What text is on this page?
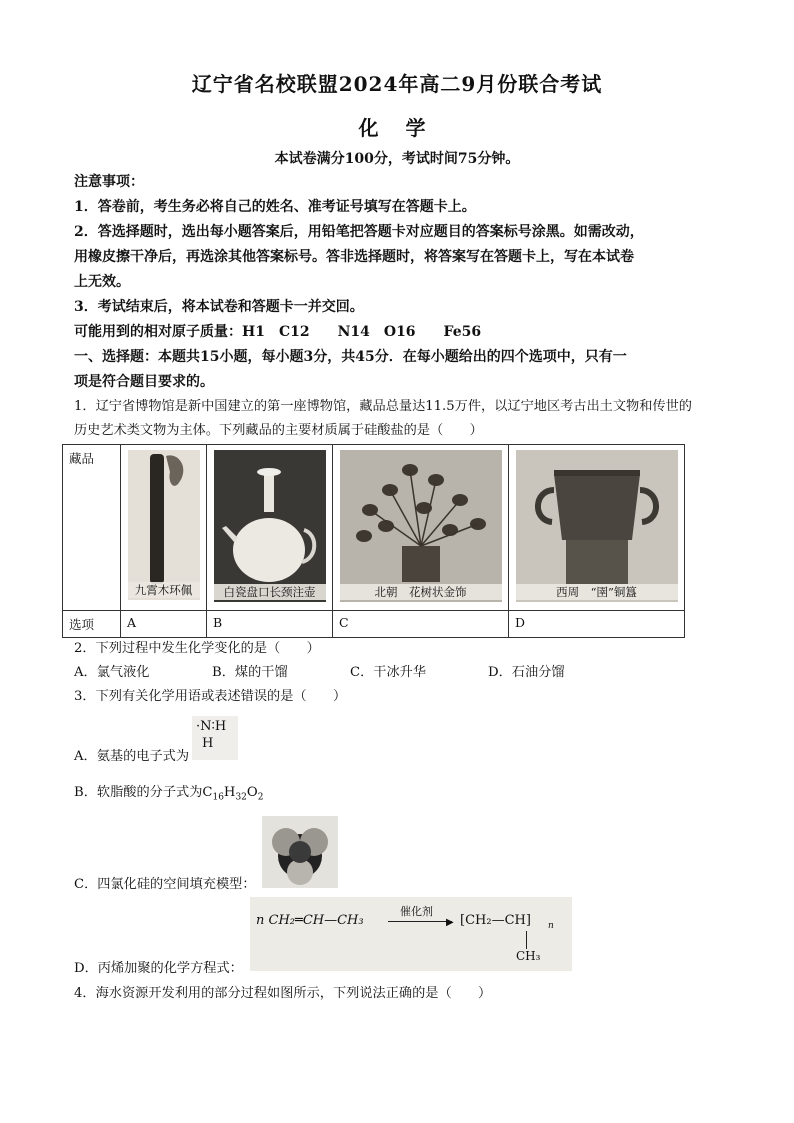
辽宁省名校联盟2024年高二9月份联合考试
化 学
本试卷满分100分，考试时间75分钟。
注意事项：
1．答卷前，考生务必将自己的姓名、准考证号填写在答题卡上。
2．答选择题时，选出每小题答案后，用铅笔把答题卡对应题目的答案标号涂黑。如需改动，
用橡皮擦干净后，再选涂其他答案标号。答非选择题时，将答案写在答题卡上，写在本试卷
上无效。
3．考试结束后，将本试卷和答题卡一并交回。
可能用到的相对原子质量：H1　C12　　N14　O16　　Fe56
一、选择题：本题共15小题，每小题3分，共45分．在每小题给出的四个选项中，只有一
项是符合题目要求的。
1．辽宁省博物馆是新中国建立的第一座博物馆，藏品总量达11.5万件，以辽宁地区考古出土文物和传世的
历史艺术类文物为主体。下列藏品的主要材质属于硅酸盐的是（　　）
藏品	九霄木环佩	白瓷盘口长颈注壶	北朝　花树状金饰	西周　“圉”铜簋

选项	A	B	C	D
2．下列过程中发生化学变化的是（　　）
A．氯气液化	B．煤的干馏	C．干冰升华	D．石油分馏
3．下列有关化学用语或表述错误的是（　　）
·N∶H
H
A．氨基的电子式为
B．软脂酸的分子式为$C_{16}H_{32}O_2$
C．四氯化硅的空间填充模型：
n CH₂═CH—CH₃
催化剂
▶ [CH₂—CH] n
CH₃
D．丙烯加聚的化学方程式：
4．海水资源开发利用的部分过程如图所示，下列说法正确的是（　　）
